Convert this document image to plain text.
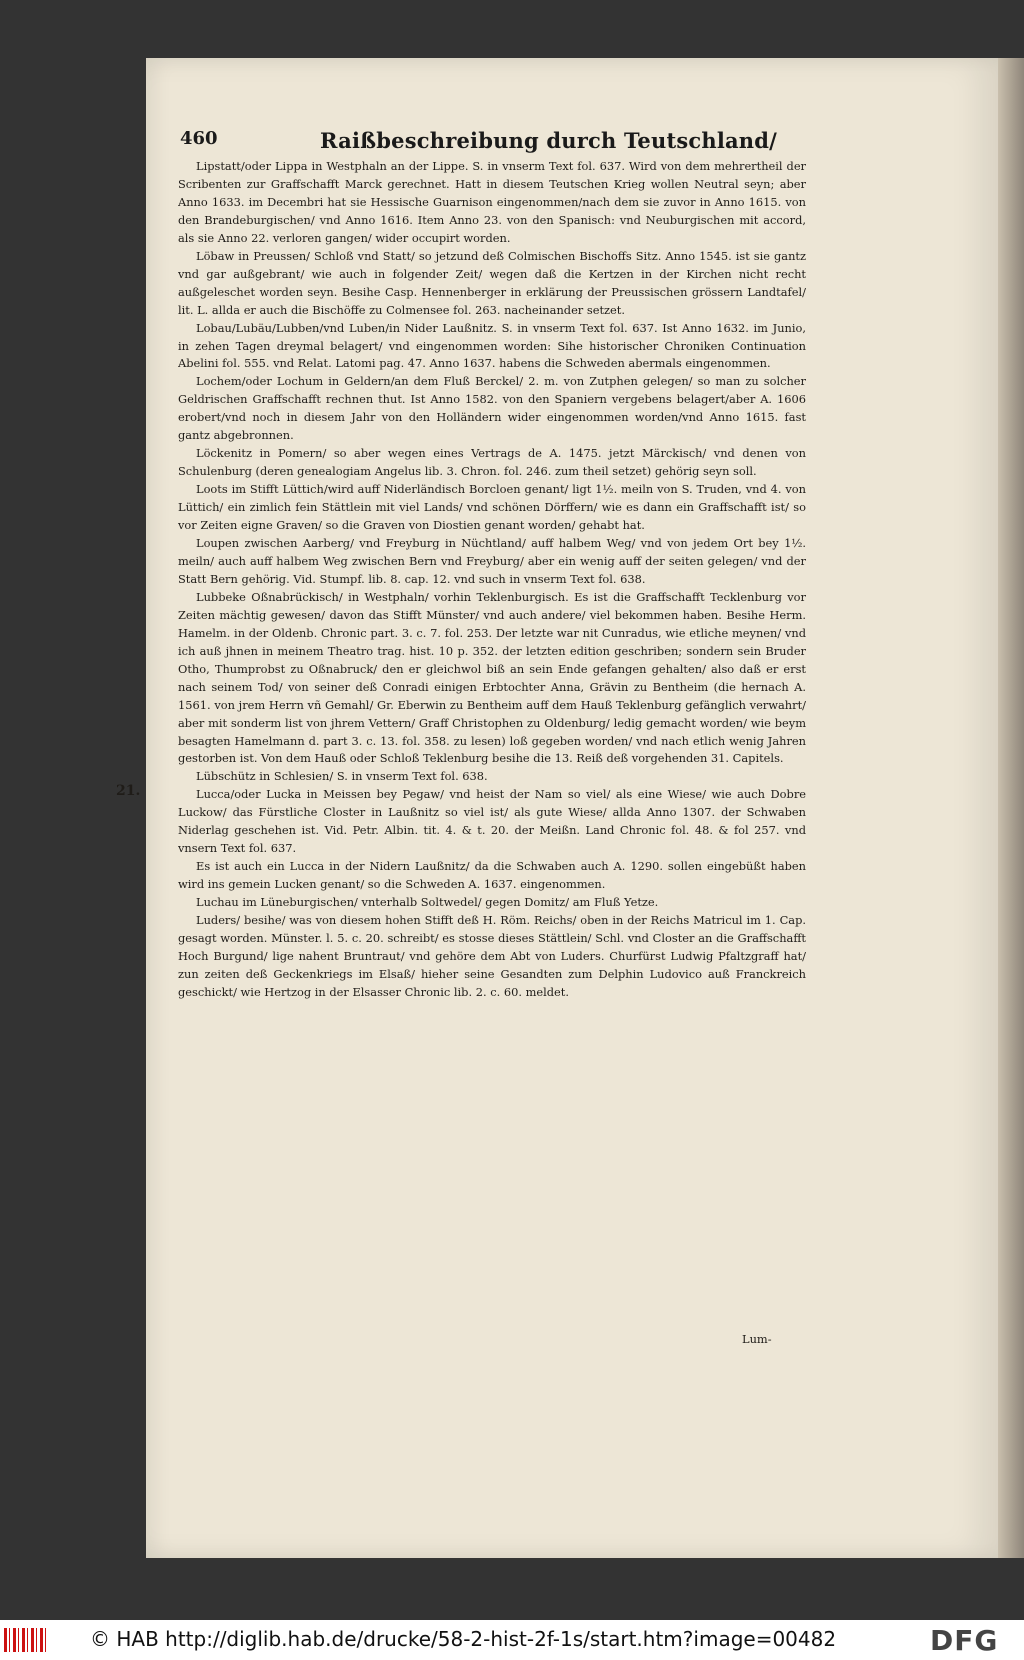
460	Raißbeschreibung durch Teutschland/
21.

Lipstatt/oder Lippa in Westphaln an der Lippe. S. in vnserm Text fol. 637. Wird von dem mehrertheil der Scribenten zur Graffschafft Marck gerechnet. Hatt in diesem Teutschen Krieg wollen Neutral seyn; aber Anno 1633. im Decembri hat sie Hessische Guarnison eingenommen/nach dem sie zuvor in Anno 1615. von den Brandeburgischen/ vnd Anno 1616. Item Anno 23. von den Spanisch: vnd Neuburgischen mit accord, als sie Anno 22. verloren gangen/ wider occupirt worden.

Löbaw in Preussen/ Schloß vnd Statt/ so jetzund deß Colmischen Bischoffs Sitz. Anno 1545. ist sie gantz vnd gar außgebrant/ wie auch in folgender Zeit/ wegen daß die Kertzen in der Kirchen nicht recht außgeleschet worden seyn. Besihe Casp. Hennenberger in erklärung der Preussischen grössern Landtafel/ lit. L. allda er auch die Bischöffe zu Colmensee fol. 263. nacheinander setzet.

Lobau/Lubäu/Lubben/vnd Luben/in Nider Laußnitz. S. in vnserm Text fol. 637. Ist Anno 1632. im Junio, in zehen Tagen dreymal belagert/ vnd eingenommen worden: Sihe historischer Chroniken Continuation Abelini fol. 555. vnd Relat. Latomi pag. 47. Anno 1637. habens die Schweden abermals eingenommen.

Lochem/oder Lochum in Geldern/an dem Fluß Berckel/ 2. m. von Zutphen gelegen/ so man zu solcher Geldrischen Graffschafft rechnen thut. Ist Anno 1582. von den Spaniern vergebens belagert/aber A. 1606 erobert/vnd noch in diesem Jahr von den Holländern wider eingenommen worden/vnd Anno 1615. fast gantz abgebronnen.

Löckenitz in Pomern/ so aber wegen eines Vertrags de A. 1475. jetzt Märckisch/ vnd denen von Schulenburg (deren genealogiam Angelus lib. 3. Chron. fol. 246. zum theil setzet) gehörig seyn soll.

Loots im Stifft Lüttich/wird auff Niderländisch Borcloen genant/ ligt 1½. meiln von S. Truden, vnd 4. von Lüttich/ ein zimlich fein Stättlein mit viel Lands/ vnd schönen Dörffern/ wie es dann ein Graffschafft ist/ so vor Zeiten eigne Graven/ so die Graven von Diostien genant worden/ gehabt hat.

Loupen zwischen Aarberg/ vnd Freyburg in Nüchtland/ auff halbem Weg/ vnd von jedem Ort bey 1½. meiln/ auch auff halbem Weg zwischen Bern vnd Freyburg/ aber ein wenig auff der seiten gelegen/ vnd der Statt Bern gehörig. Vid. Stumpf. lib. 8. cap. 12. vnd such in vnserm Text fol. 638.

Lubbeke Oßnabrückisch/ in Westphaln/ vorhin Teklenburgisch. Es ist die Graffschafft Tecklenburg vor Zeiten mächtig gewesen/ davon das Stifft Münster/ vnd auch andere/ viel bekommen haben. Besihe Herm. Hamelm. in der Oldenb. Chronic part. 3. c. 7. fol. 253. Der letzte war nit Cunradus, wie etliche meynen/ vnd ich auß jhnen in meinem Theatro trag. hist. 10 p. 352. der letzten edition geschriben; sondern sein Bruder Otho, Thumprobst zu Oßnabruck/ den er gleichwol biß an sein Ende gefangen gehalten/ also daß er erst nach seinem Tod/ von seiner deß Conradi einigen Erbtochter Anna, Grävin zu Bentheim (die hernach A. 1561. von jrem Herrn vñ Gemahl/ Gr. Eberwin zu Bentheim auff dem Hauß Teklenburg gefänglich verwahrt/ aber mit sonderm list von jhrem Vettern/ Graff Christophen zu Oldenburg/ ledig gemacht worden/ wie beym besagten Hamelmann d. part 3. c. 13. fol. 358. zu lesen) loß gegeben worden/ vnd nach etlich wenig Jahren gestorben ist. Von dem Hauß oder Schloß Teklenburg besihe die 13. Reiß deß vorgehenden 31. Capitels.

Lübschütz in Schlesien/ S. in vnserm Text fol. 638.

Lucca/oder Lucka in Meissen bey Pegaw/ vnd heist der Nam so viel/ als eine Wiese/ wie auch Dobre Luckow/ das Fürstliche Closter in Laußnitz so viel ist/ als gute Wiese/ allda Anno 1307. der Schwaben Niderlag geschehen ist. Vid. Petr. Albin. tit. 4. & t. 20. der Meißn. Land Chronic fol. 48. & fol 257. vnd vnsern Text fol. 637.

Es ist auch ein Lucca in der Nidern Laußnitz/ da die Schwaben auch A. 1290. sollen eingebüßt haben wird ins gemein Lucken genant/ so die Schweden A. 1637. eingenommen.

Luchau im Lüneburgischen/ vnterhalb Soltwedel/ gegen Domitz/ am Fluß Yetze.

Luders/ besihe/ was von diesem hohen Stifft deß H. Röm. Reichs/ oben in der Reichs Matricul im 1. Cap. gesagt worden. Münster. l. 5. c. 20. schreibt/ es stosse dieses Stättlein/ Schl. vnd Closter an die Graffschafft Hoch Burgund/ lige nahent Bruntraut/ vnd gehöre dem Abt von Luders. Churfürst Ludwig Pfaltzgraff hat/ zun zeiten deß Geckenkriegs im Elsaß/ hieher seine Gesandten zum Delphin Ludovico auß Franckreich geschickt/ wie Hertzog in der Elsasser Chronic lib. 2. c. 60. meldet.

Lum-
© HAB http://diglib.hab.de/drucke/58-2-hist-2f-1s/start.htm?image=00482	DFG
